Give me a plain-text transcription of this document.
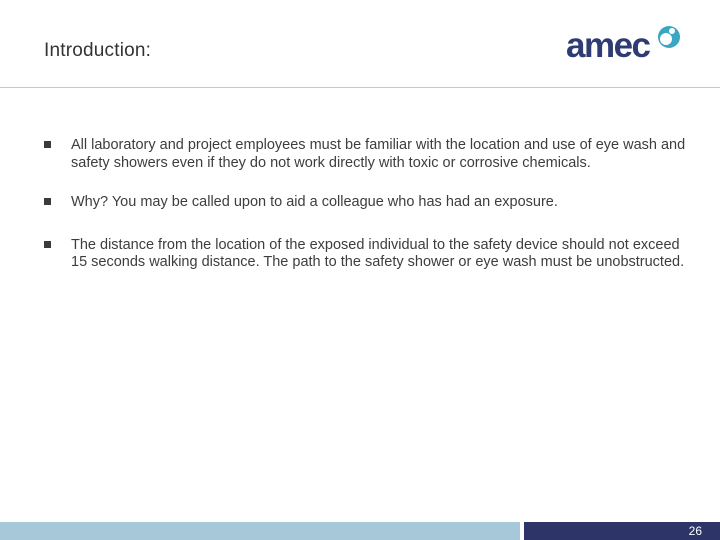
Introduction:	amec
All laboratory and project employees must be familiar with the location and use of eye wash and safety showers even if they do not work directly with toxic or corrosive chemicals.
Why? You may be called upon to aid a colleague who has had an exposure.
The distance from the location of the exposed individual to the safety device should not exceed 15 seconds walking distance. The path to the safety shower or eye wash must be unobstructed.
26
